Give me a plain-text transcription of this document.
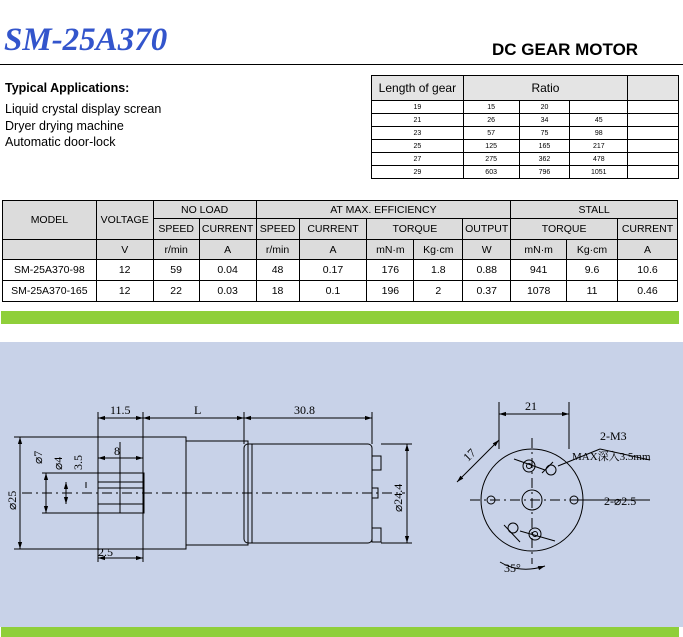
SM-25A370	DC GEAR MOTOR
Typical Applications:
Liquid crystal display screan
Dryer drying machine
Automatic door-lock
Length of gear	Ratio			
19	15	20		
21	26	34	45	
23	57	75	98	
25	125	165	217	
27	275	362	478	
29	603	796	1051	
MODEL	VOLTAGE	NO LOAD		AT MAX. EFFICIENCY					STALL		
		SPEED	CURRENT	SPEED	CURRENT	TORQUE		OUTPUT	TORQUE		CURRENT
	V	r/min	A	r/min	A	mN·m	Kg·cm	W	mN·m	Kg·cm	A
SM-25A370-98	12	59	0.04	48	0.17	176	1.8	0.88	941	9.6	10.6
SM-25A370-165	12	22	0.03	18	0.1	196	2	0.37	1078	11	0.46
11.5	L	30.8
8
⌀7 ⌀4 3.5
⌀25	⌀24.4
2.5
21
17
2-M3
MAX深入3.5mm
2-⌀2.5
35°
